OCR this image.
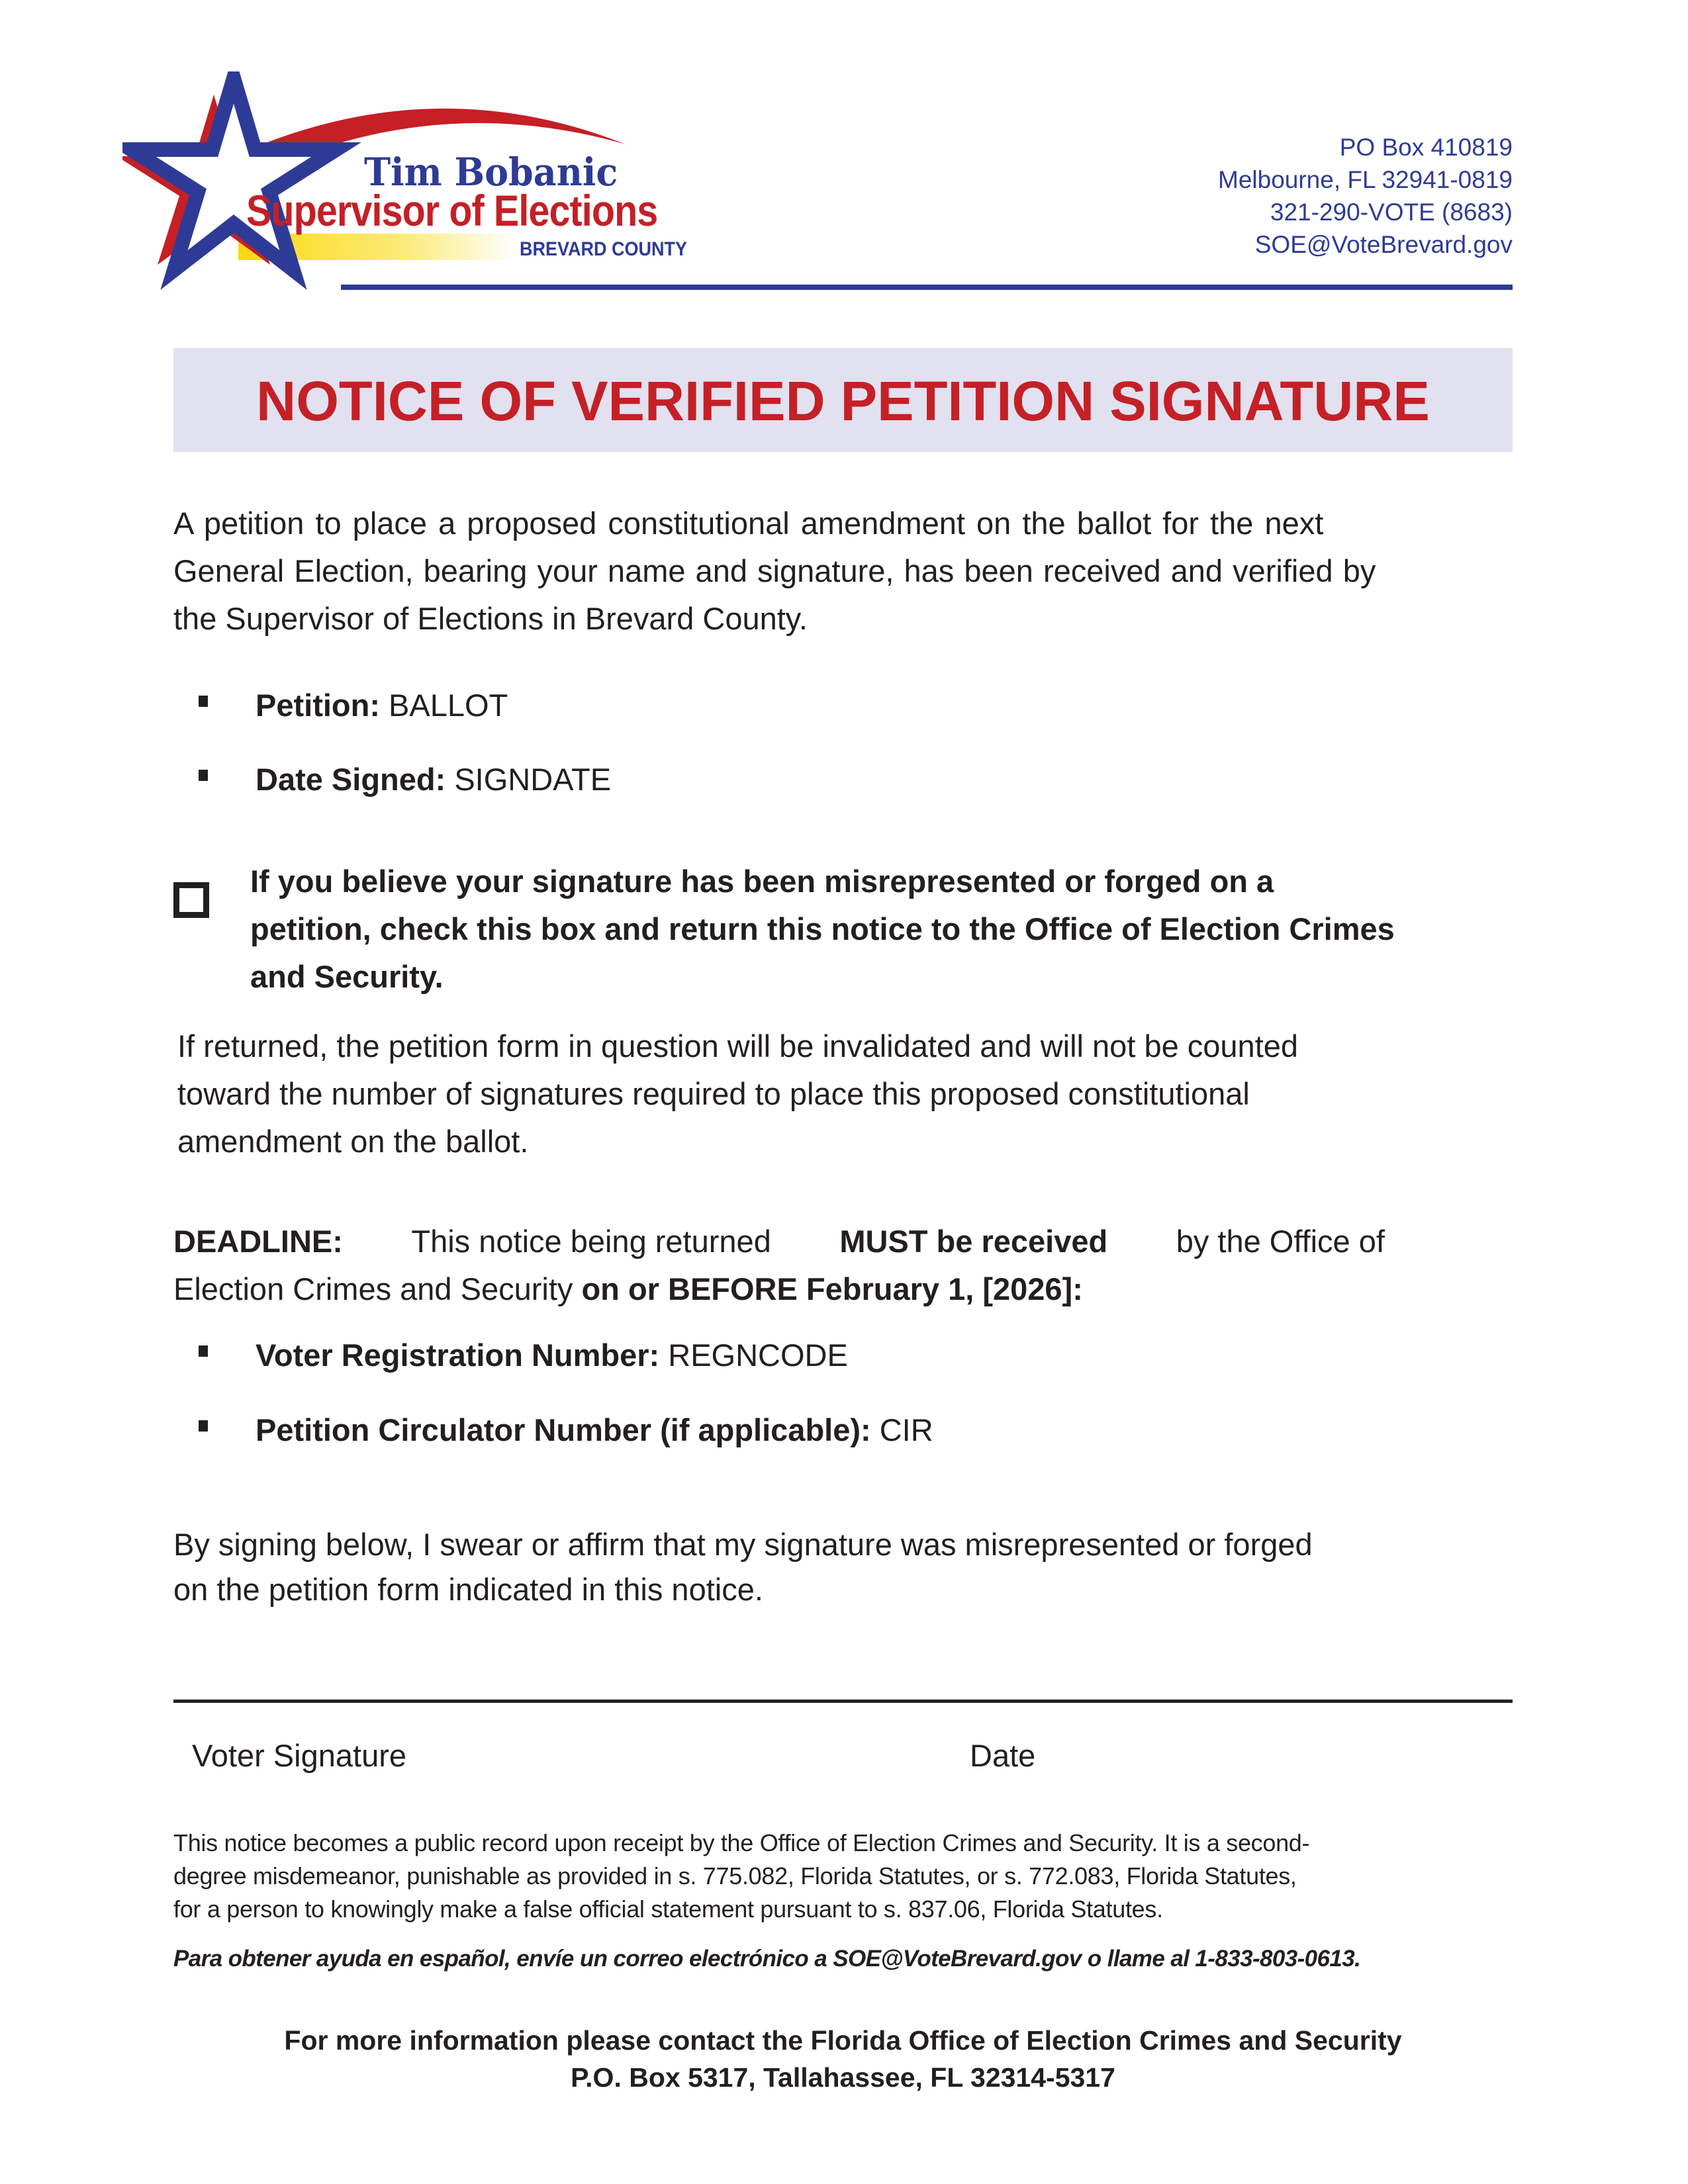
Tim Bobanic
Supervisor of Elections
BREVARD COUNTY
PO Box 410819
Melbourne, FL 32941-0819
321-290-VOTE (8683)
SOE@VoteBrevard.gov
NOTICE OF VERIFIED PETITION SIGNATURE
A petition to place a proposed constitutional amendment on the ballot for the next
General Election, bearing your name and signature, has been received and verified by
the Supervisor of Elections in Brevard County.
Petition: BALLOT
Date Signed: SIGNDATE
If you believe your signature has been misrepresented or forged on a
petition, check this box and return this notice to the Office of Election Crimes
and Security.
If returned, the petition form in question will be invalidated and will not be counted
toward the number of signatures required to place this proposed constitutional
amendment on the ballot.
DEADLINE: This notice being returned MUST be received by the Office of
Election Crimes and Security on or BEFORE February 1, [2026]:
Voter Registration Number: REGNCODE
Petition Circulator Number (if applicable): CIR
By signing below, I swear or affirm that my signature was misrepresented or forged
on the petition form indicated in this notice.
Voter Signature	Date
This notice becomes a public record upon receipt by the Office of Election Crimes and Security. It is a second-
degree misdemeanor, punishable as provided in s. 775.082, Florida Statutes, or s. 772.083, Florida Statutes,
for a person to knowingly make a false official statement pursuant to s. 837.06, Florida Statutes.
Para obtener ayuda en español, envíe un correo electrónico a SOE@VoteBrevard.gov o llame al 1-833-803-0613.
For more information please contact the Florida Office of Election Crimes and Security
P.O. Box 5317, Tallahassee, FL 32314-5317
